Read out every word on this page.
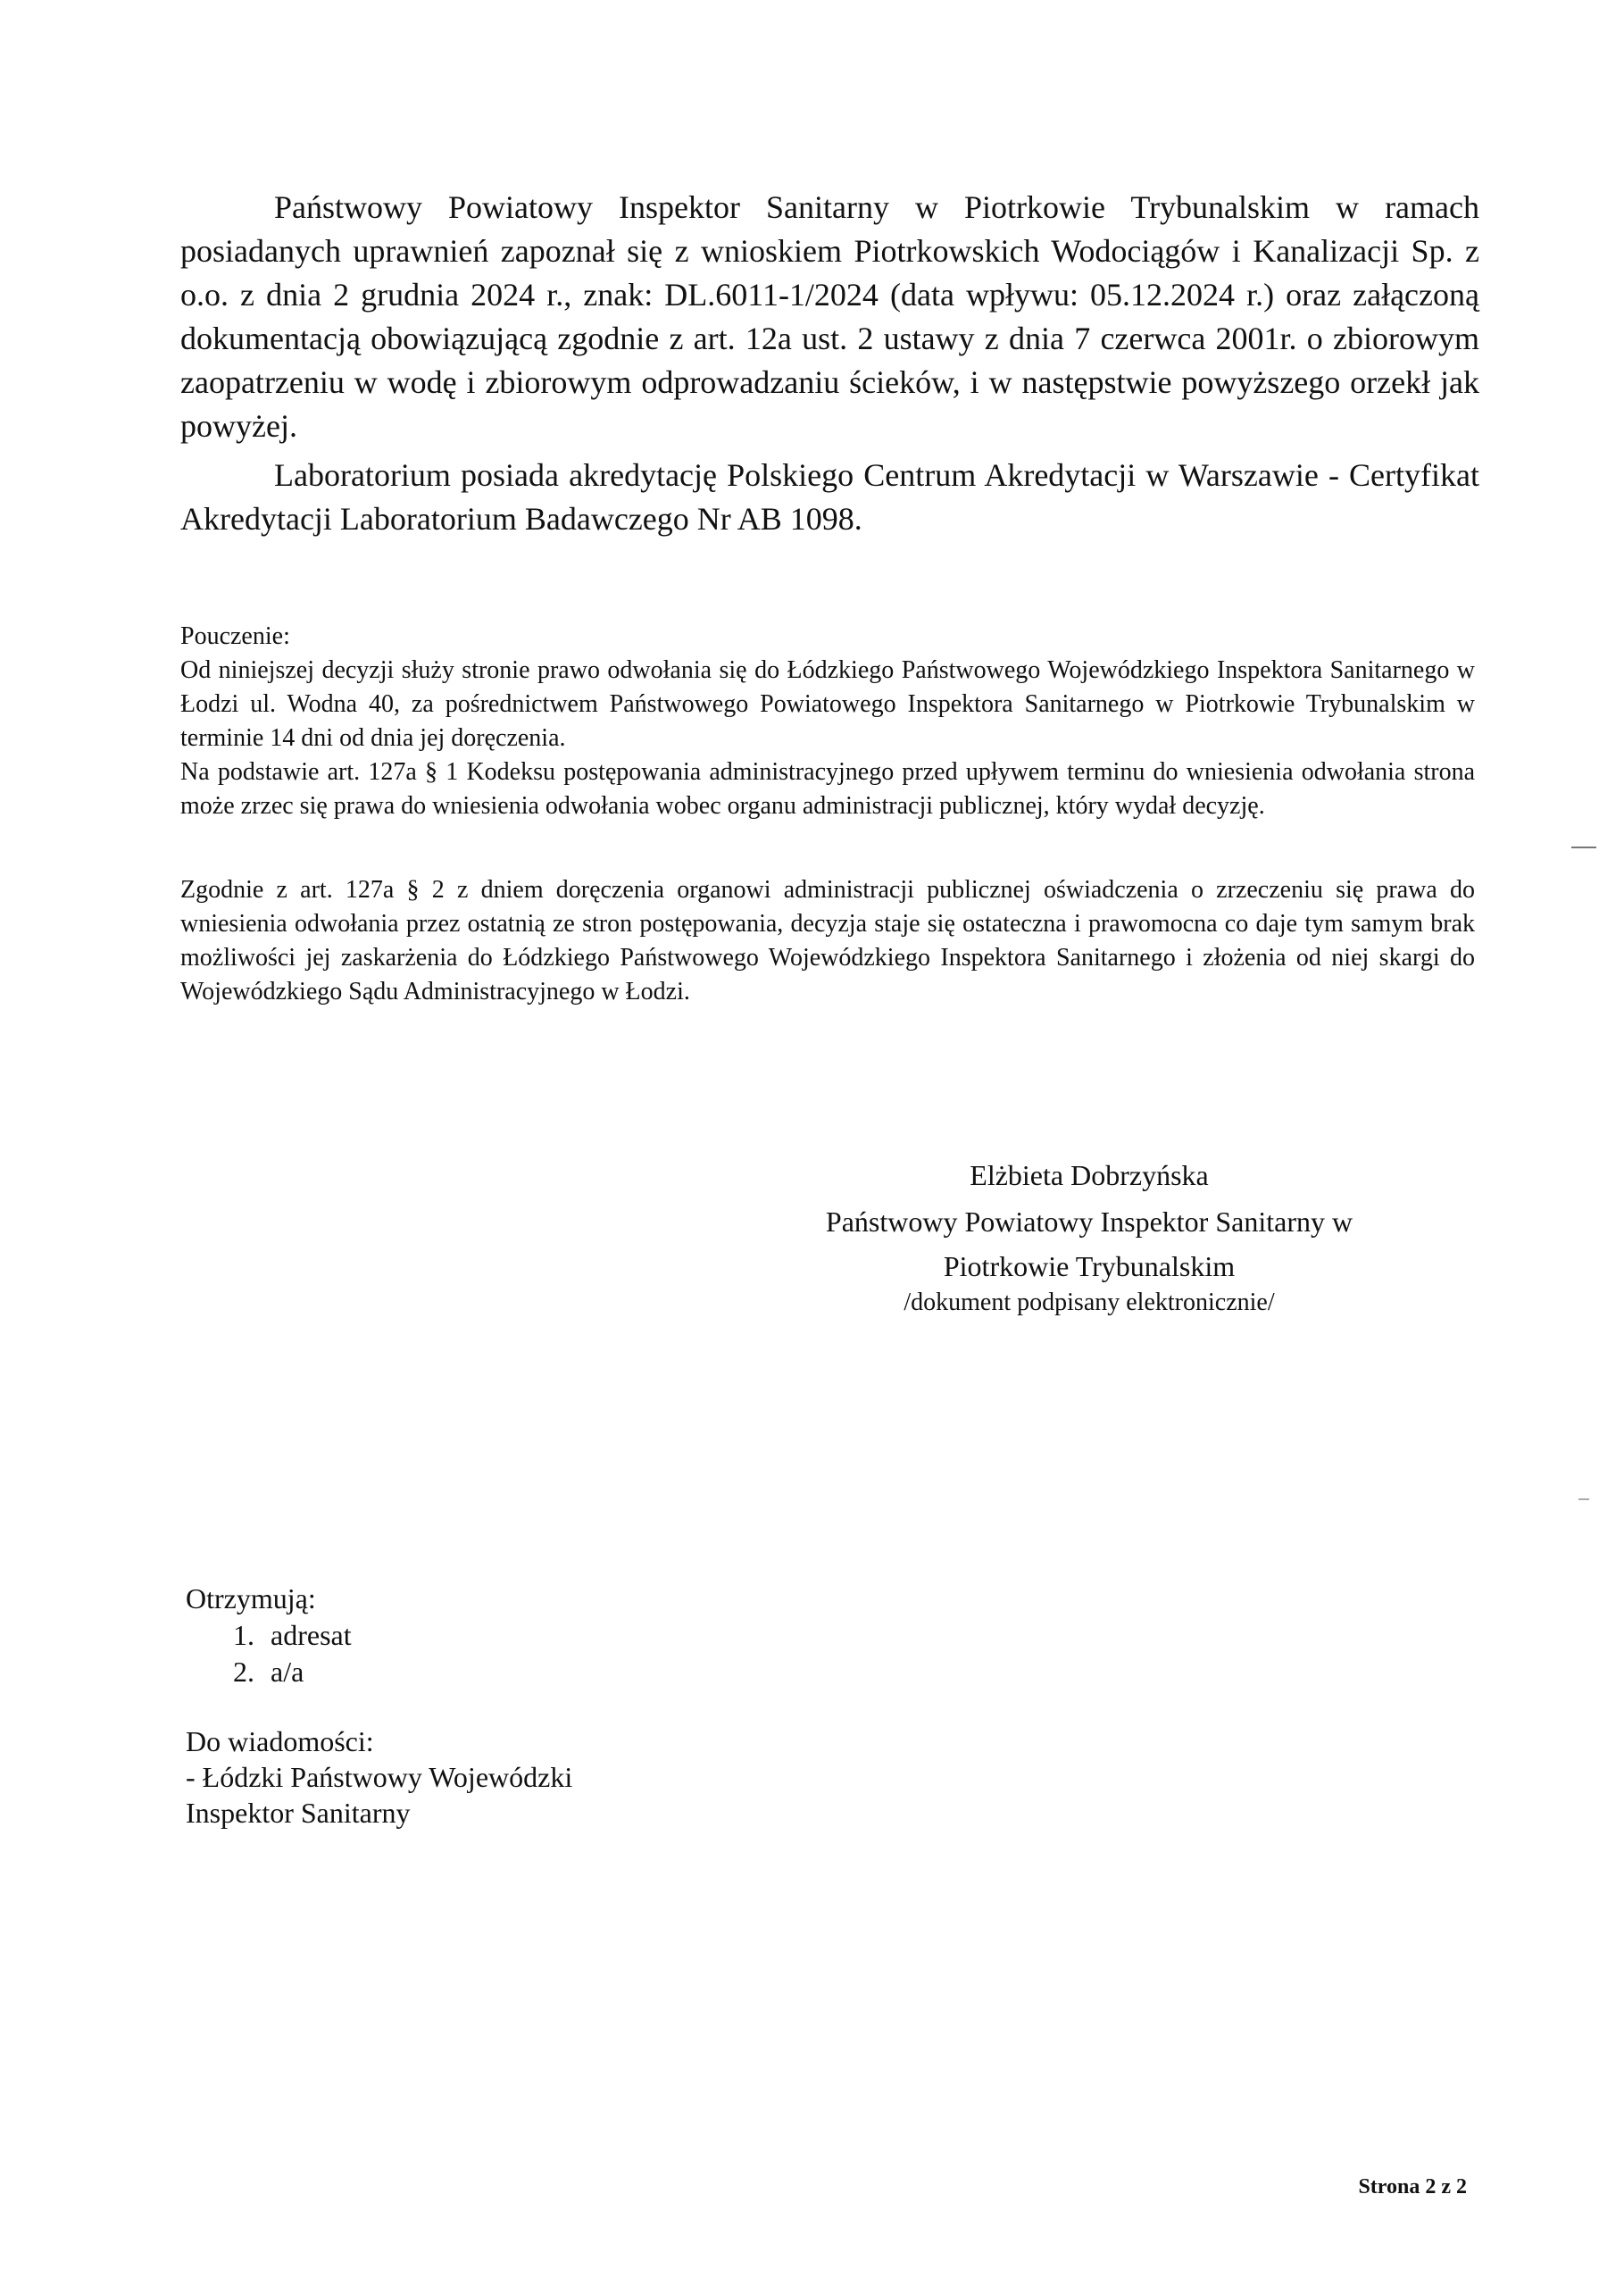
Państwowy Powiatowy Inspektor Sanitarny w Piotrkowie Trybunalskim w ramach posiadanych uprawnień zapoznał się z wnioskiem Piotrkowskich Wodociągów i Kanalizacji Sp. z o.o. z dnia 2 grudnia 2024 r., znak: DL.6011-1/2024 (data wpływu: 05.12.2024 r.) oraz załączoną dokumentacją obowiązującą zgodnie z art. 12a ust. 2 ustawy z dnia 7 czerwca 2001r. o zbiorowym zaopatrzeniu w wodę i zbiorowym odprowadzaniu ścieków, i w następstwie powyższego orzekł jak powyżej.

Laboratorium posiada akredytację Polskiego Centrum Akredytacji w Warszawie - Certyfikat Akredytacji Laboratorium Badawczego Nr AB 1098.

Pouczenie:

Od niniejszej decyzji służy stronie prawo odwołania się do Łódzkiego Państwowego Wojewódzkiego Inspektora Sanitarnego w Łodzi ul. Wodna 40, za pośrednictwem Państwowego Powiatowego Inspektora Sanitarnego w Piotrkowie Trybunalskim w terminie 14 dni od dnia jej doręczenia.

Na podstawie art. 127a § 1 Kodeksu postępowania administracyjnego przed upływem terminu do wniesienia odwołania strona może zrzec się prawa do wniesienia odwołania wobec organu administracji publicznej, który wydał decyzję.

Zgodnie z art. 127a § 2 z dniem doręczenia organowi administracji publicznej oświadczenia o zrzeczeniu się prawa do wniesienia odwołania przez ostatnią ze stron postępowania, decyzja staje się ostateczna i prawomocna co daje tym samym brak możliwości jej zaskarżenia do Łódzkiego Państwowego Wojewódzkiego Inspektora Sanitarnego i złożenia od niej skargi do Wojewódzkiego Sądu Administracyjnego w Łodzi.

Elżbieta Dobrzyńska

Państwowy Powiatowy Inspektor Sanitarny w
Piotrkowie Trybunalskim

/dokument podpisany elektronicznie/

Otrzymują:
1. adresat
2. a/a

Do wiadomości:

- Łódzki Państwowy Wojewódzki

Inspektor Sanitarny

Strona 2 z 2
